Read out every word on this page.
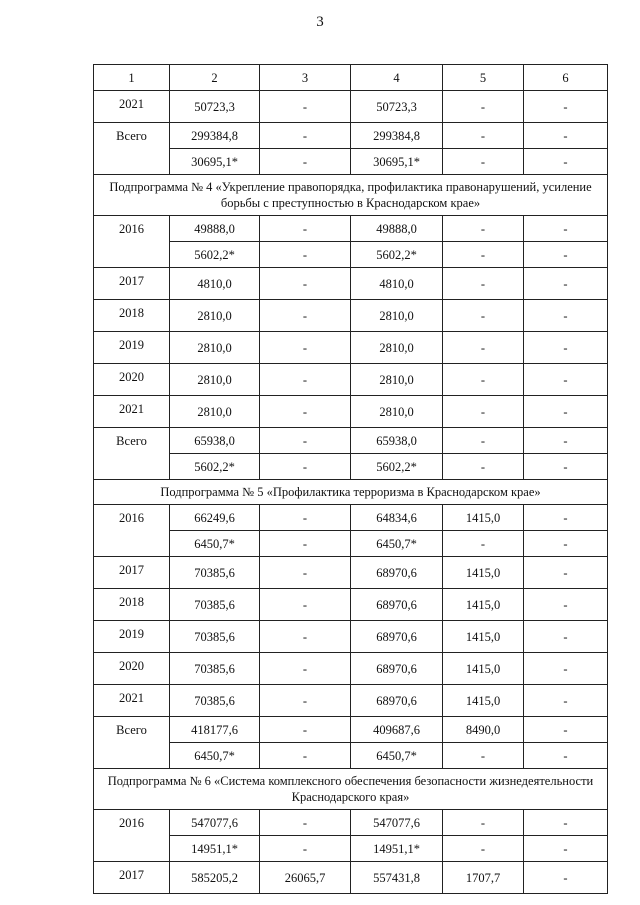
3
1	2	3	4	5	6
2021	50723,3	-	50723,3	-	-
Всего	299384,8	-	299384,8	-	-
	30695,1*	-	30695,1*	-	-
Подпрограмма № 4 «Укрепление правопорядка, профилактика правонарушений, усиление борьбы с преступностью в Краснодарском крае»					
2016	49888,0	-	49888,0	-	-
	5602,2*	-	5602,2*	-	-
2017	4810,0	-	4810,0	-	-
2018	2810,0	-	2810,0	-	-
2019	2810,0	-	2810,0	-	-
2020	2810,0	-	2810,0	-	-
2021	2810,0	-	2810,0	-	-
Всего	65938,0	-	65938,0	-	-
	5602,2*	-	5602,2*	-	-
Подпрограмма № 5 «Профилактика терроризма в Краснодарском крае»					
2016	66249,6	-	64834,6	1415,0	-
	6450,7*	-	6450,7*	-	-
2017	70385,6	-	68970,6	1415,0	-
2018	70385,6	-	68970,6	1415,0	-
2019	70385,6	-	68970,6	1415,0	-
2020	70385,6	-	68970,6	1415,0	-
2021	70385,6	-	68970,6	1415,0	-
Всего	418177,6	-	409687,6	8490,0	-
	6450,7*	-	6450,7*	-	-
Подпрограмма № 6 «Система комплексного обеспечения безопасности жизнедеятельности Краснодарского края»					
2016	547077,6	-	547077,6	-	-
	14951,1*	-	14951,1*	-	-
2017	585205,2	26065,7	557431,8	1707,7	-
